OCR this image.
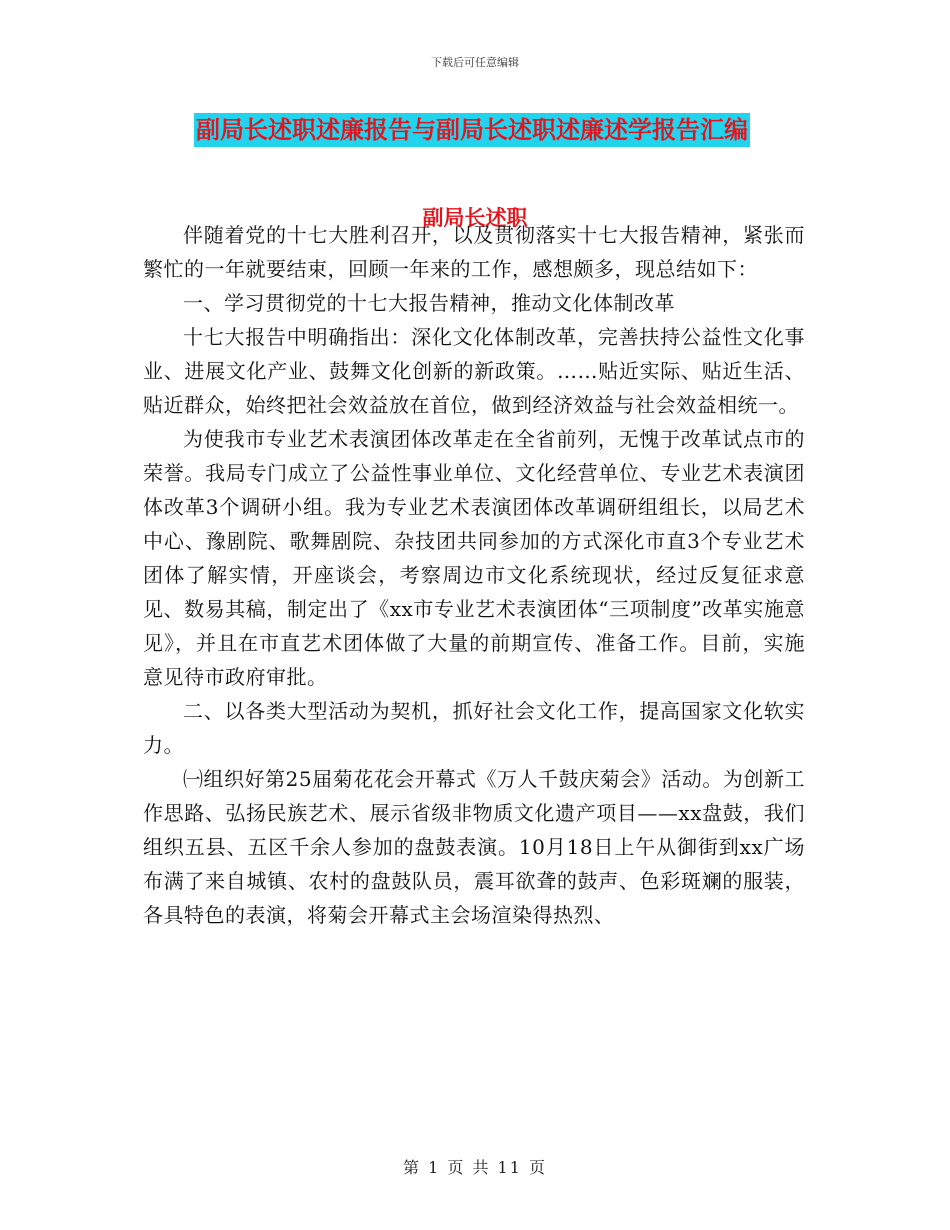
下载后可任意编辑
副局长述职述廉报告与副局长述职述廉述学报告汇编
副局长述职

伴随着党的十七大胜利召开，以及贯彻落实十七大报告精神，紧张而繁忙的一年就要结束，回顾一年来的工作，感想颇多，现总结如下：

一、学习贯彻党的十七大报告精神，推动文化体制改革

十七大报告中明确指出：深化文化体制改革，完善扶持公益性文化事业、进展文化产业、鼓舞文化创新的新政策。……贴近实际、贴近生活、贴近群众，始终把社会效益放在首位，做到经济效益与社会效益相统一。

为使我市专业艺术表演团体改革走在全省前列，无愧于改革试点市的荣誉。我局专门成立了公益性事业单位、文化经营单位、专业艺术表演团体改革3个调研小组。我为专业艺术表演团体改革调研组组长，以局艺术中心、豫剧院、歌舞剧院、杂技团共同参加的方式深化市直3个专业艺术团体了解实情，开座谈会，考察周边市文化系统现状，经过反复征求意见、数易其稿，制定出了《xx市专业艺术表演团体“三项制度”改革实施意见》，并且在市直艺术团体做了大量的前期宣传、准备工作。目前，实施意见待市政府审批。

二、以各类大型活动为契机，抓好社会文化工作，提高国家文化软实力。

㈠组织好第25届菊花花会开幕式《万人千鼓庆菊会》活动。为创新工作思路、弘扬民族艺术、展示省级非物质文化遗产项目——xx盘鼓，我们组织五县、五区千余人参加的盘鼓表演。10月18日上午从御街到xx广场布满了来自城镇、农村的盘鼓队员，震耳欲聋的鼓声、色彩斑斓的服装，各具特色的表演，将菊会开幕式主会场渲染得热烈、

第 1 页 共 11 页
